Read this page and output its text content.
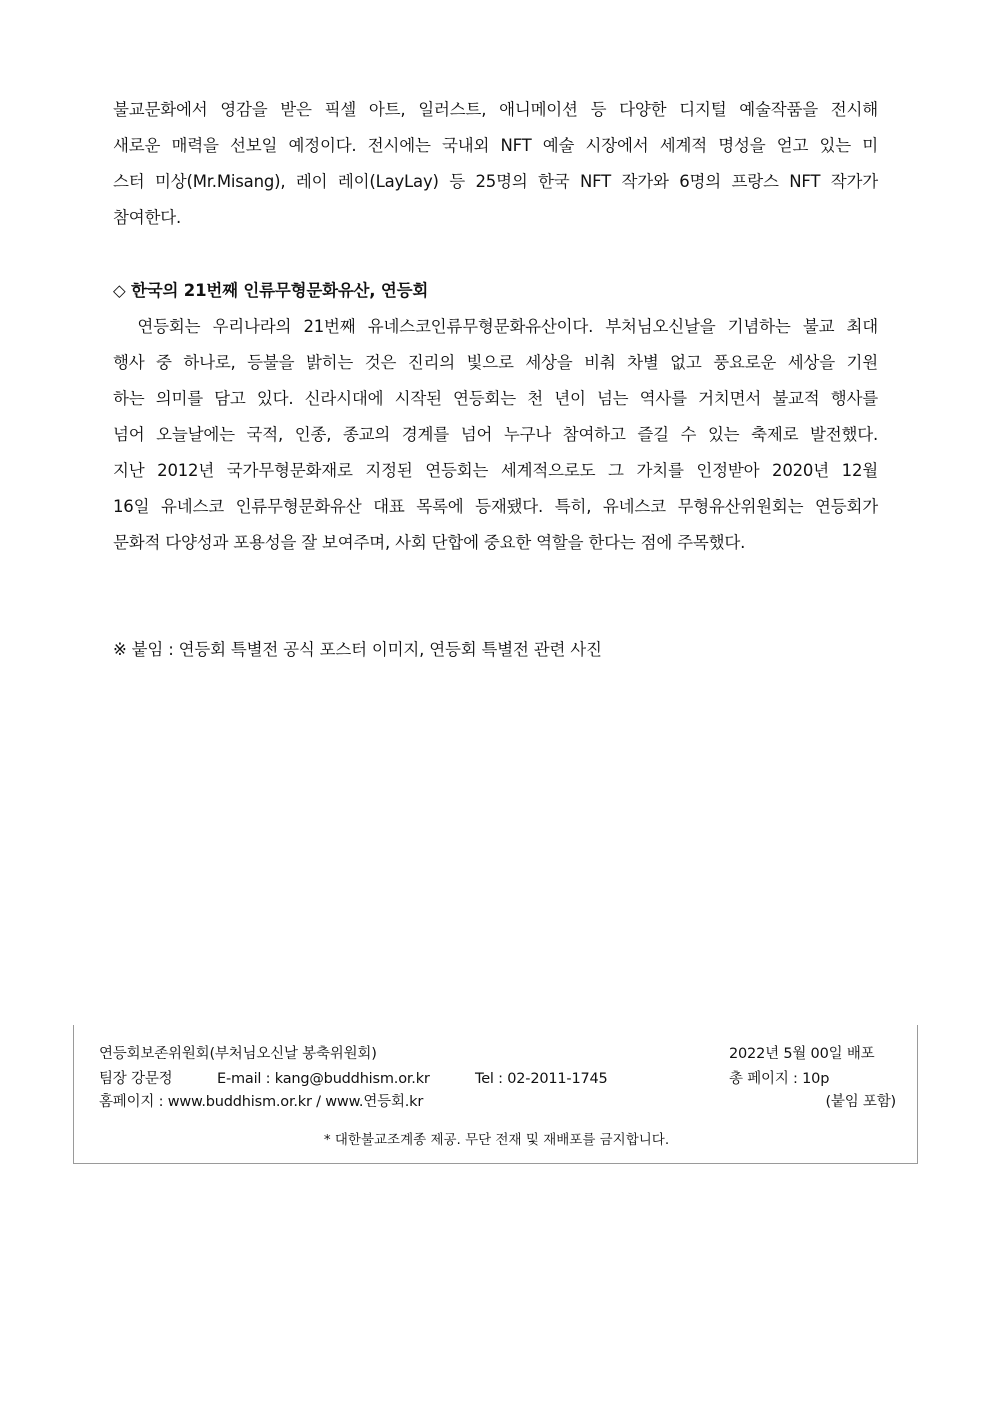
불교문화에서 영감을 받은 픽셀 아트, 일러스트, 애니메이션 등 다양한 디지털 예술작품을 전시해
새로운 매력을 선보일 예정이다. 전시에는 국내외 NFT 예술 시장에서 세계적 명성을 얻고 있는 미
스터 미상(Mr.Misang), 레이 레이(LayLay) 등 25명의 한국 NFT 작가와 6명의 프랑스 NFT 작가가
참여한다.
◇ 한국의 21번째 인류무형문화유산, 연등회
연등회는 우리나라의 21번째 유네스코인류무형문화유산이다. 부처님오신날을 기념하는 불교 최대
행사 중 하나로, 등불을 밝히는 것은 진리의 빛으로 세상을 비춰 차별 없고 풍요로운 세상을 기원
하는 의미를 담고 있다. 신라시대에 시작된 연등회는 천 년이 넘는 역사를 거치면서 불교적 행사를
넘어 오늘날에는 국적, 인종, 종교의 경계를 넘어 누구나 참여하고 즐길 수 있는 축제로 발전했다.
지난 2012년 국가무형문화재로 지정된 연등회는 세계적으로도 그 가치를 인정받아 2020년 12월
16일 유네스코 인류무형문화유산 대표 목록에 등재됐다. 특히, 유네스코 무형유산위원회는 연등회가
문화적 다양성과 포용성을 잘 보여주며, 사회 단합에 중요한 역할을 한다는 점에 주목했다.
※ 붙임 : 연등회 특별전 공식 포스터 이미지, 연등회 특별전 관련 사진
연등회보존위원회(부처님오신날 봉축위원회)	2022년 5월 00일 배포
팀장 강문정	E-mail : kang@buddhism.or.kr	Tel : 02-2011-1745	총 페이지 : 10p
홈페이지 : www.buddhism.or.kr / www.연등회.kr	(붙임 포함)
* 대한불교조계종 제공. 무단 전재 및 재배포를 금지합니다.
